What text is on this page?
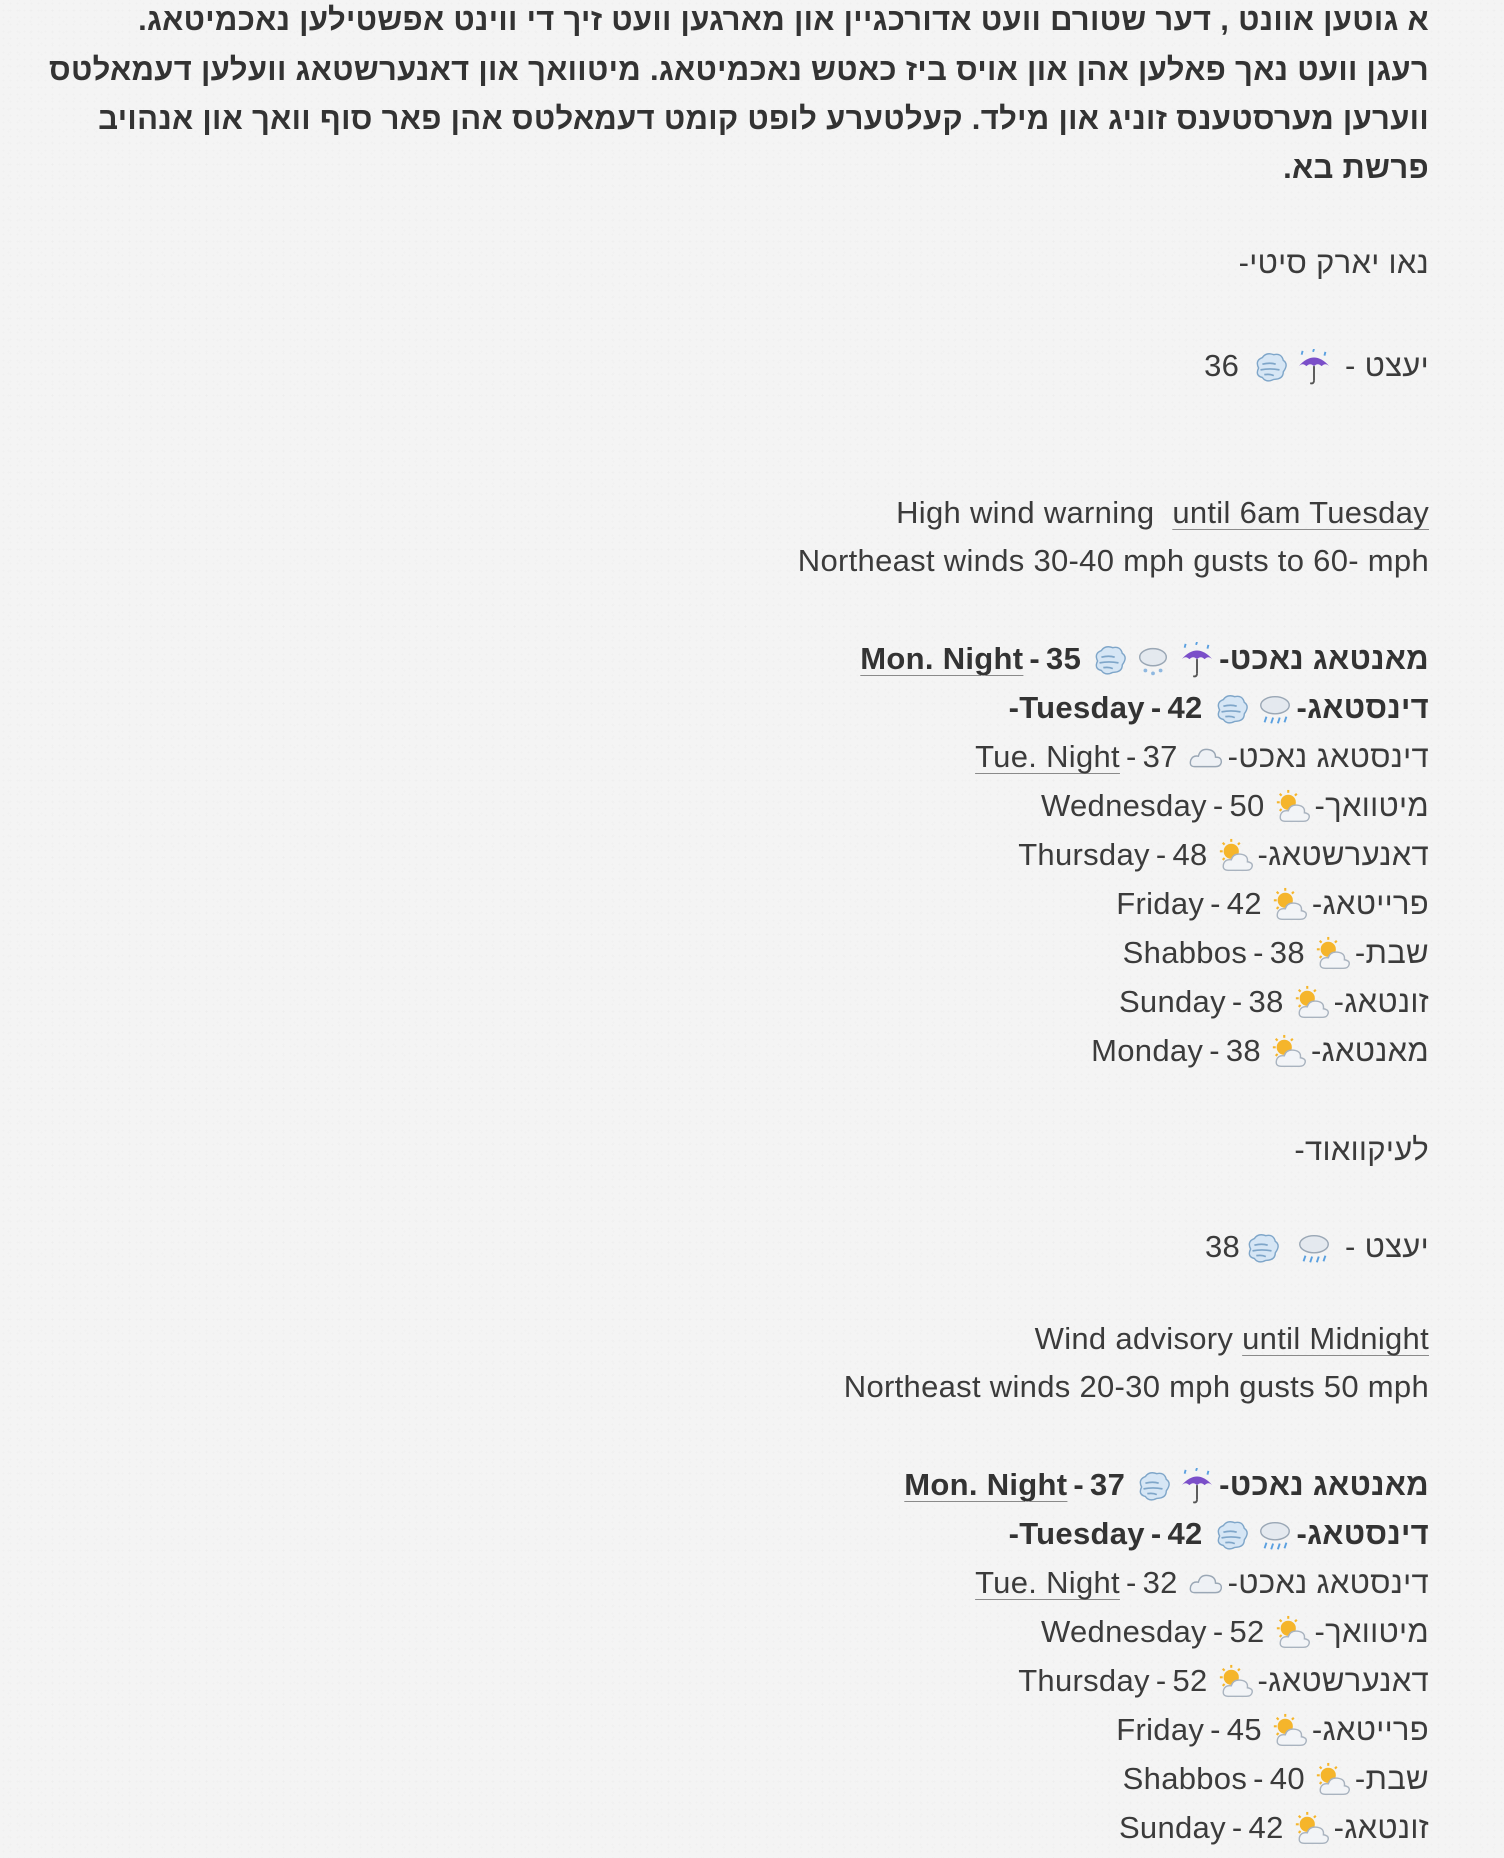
א גוטען אוונט , דער שטורם וועט אדורכגיין און מארגען וועט זיך די ווינט אפשטילען נאכמיטאג.
רעגן וועט נאך פאלען אהן און אויס ביז כאטש נאכמיטאג. מיטוואך און דאנערשטאג וועלען דעמאלטס
ווערען מערסטענס זוניג און מילד. קעלטערע לופט קומט דעמאלטס אהן פאר סוף וואך און אנהויב
פרשת בא.
נאו יארק סיטי-
יעצט -
36
High wind warning until 6am Tuesday
Northeast winds 30-40 mph gusts to 60- mph
מאנטאג נאכט-
35-Mon. Night
דינסטאג-
42-Tuesday-
דינסטאג נאכט-
37-Tue. Night
מיטוואך-
50-Wednesday
דאנערשטאג-
48-Thursday
פרייטאג-
42-Friday
שבת-
38-Shabbos
זונטאג-
38-Sunday
מאנטאג-
38-Monday
לעיקוואוד-
יעצט -
38
Wind advisory until Midnight
Northeast winds 20-30 mph gusts 50 mph
מאנטאג נאכט-
37-Mon. Night
דינסטאג-
42-Tuesday-
דינסטאג נאכט-
32-Tue. Night
מיטוואך-
52-Wednesday
דאנערשטאג-
52-Thursday
פרייטאג-
45-Friday
שבת-
40-Shabbos
זונטאג-
42-Sunday
